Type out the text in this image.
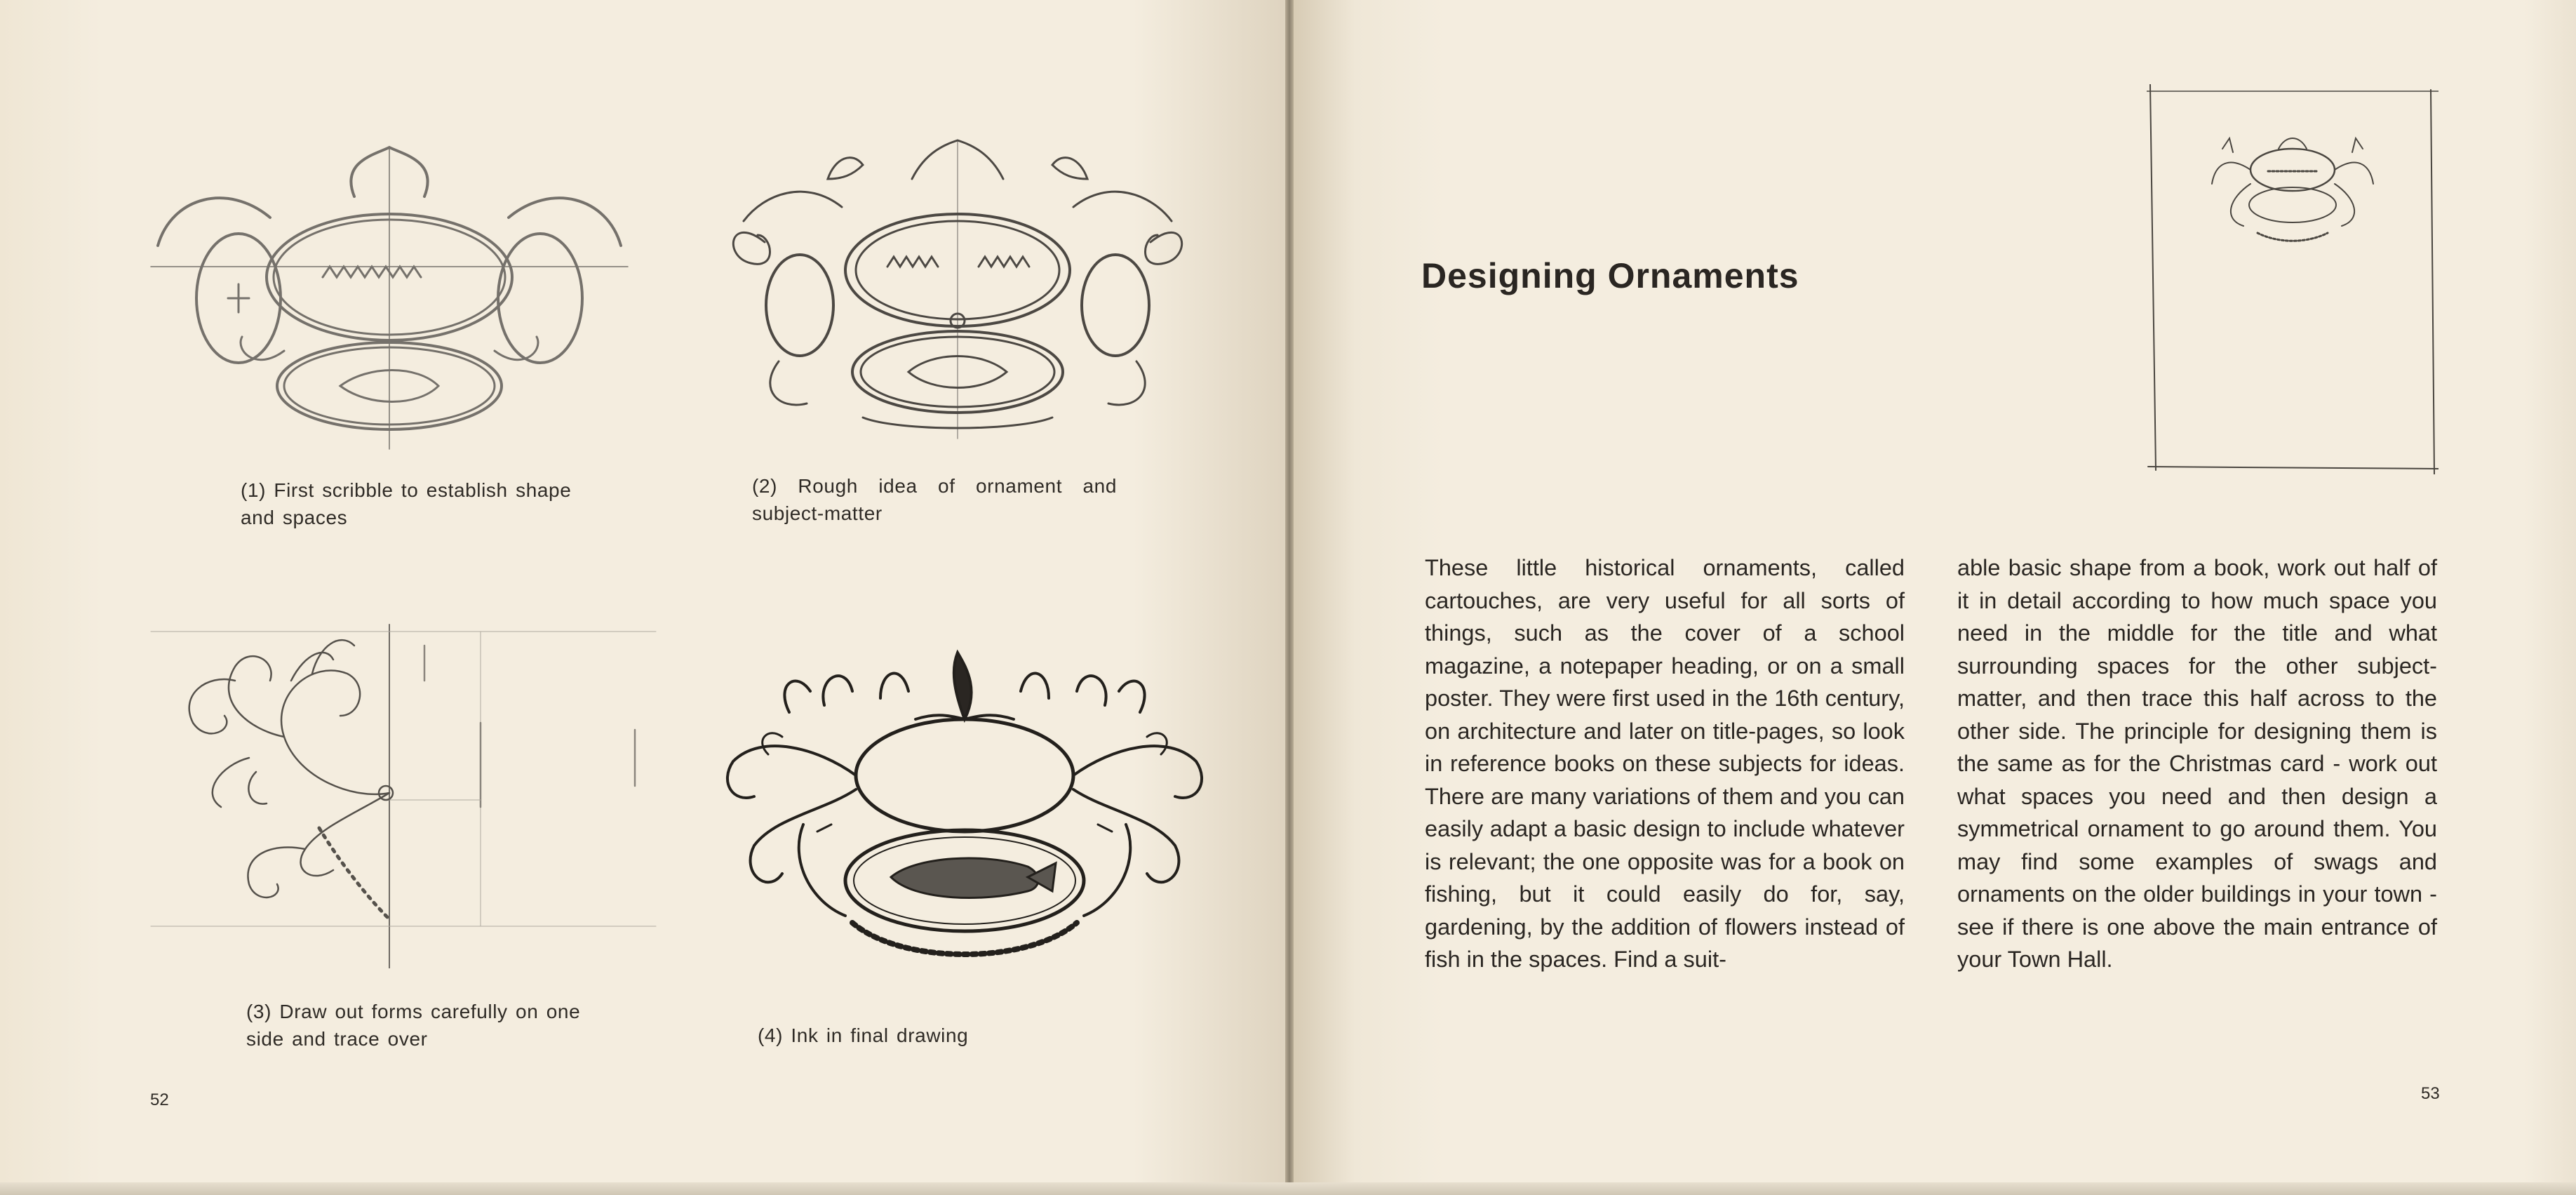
(1) First scribble to establish shape and spaces
(2) Rough idea of ornament and subject-matter
(3) Draw out forms carefully on one side and trace over	(4) Ink in final drawing
52
Designing Ornaments

These little historical ornaments, called cartouches, are very useful for all sorts of things, such as the cover of a school magazine, a notepaper heading, or on a small poster. They were first used in the 16th century, on architecture and later on title-pages, so look in reference books on these subjects for ideas. There are many variations of them and you can easily adapt a basic design to include whatever is relevant; the one opposite was for a book on fishing, but it could easily do for, say, gardening, by the addition of flowers instead of fish in the spaces. Find a suit-

able basic shape from a book, work out half of it in detail according to how much space you need in the middle for the title and what surrounding spaces for the other subject-matter, and then trace this half across to the other side. The principle for designing them is the same as for the Christmas card - work out what spaces you need and then design a symmetrical ornament to go around them. You may find some examples of swags and ornaments on the older buildings in your town - see if there is one above the main entrance of your Town Hall.

53
